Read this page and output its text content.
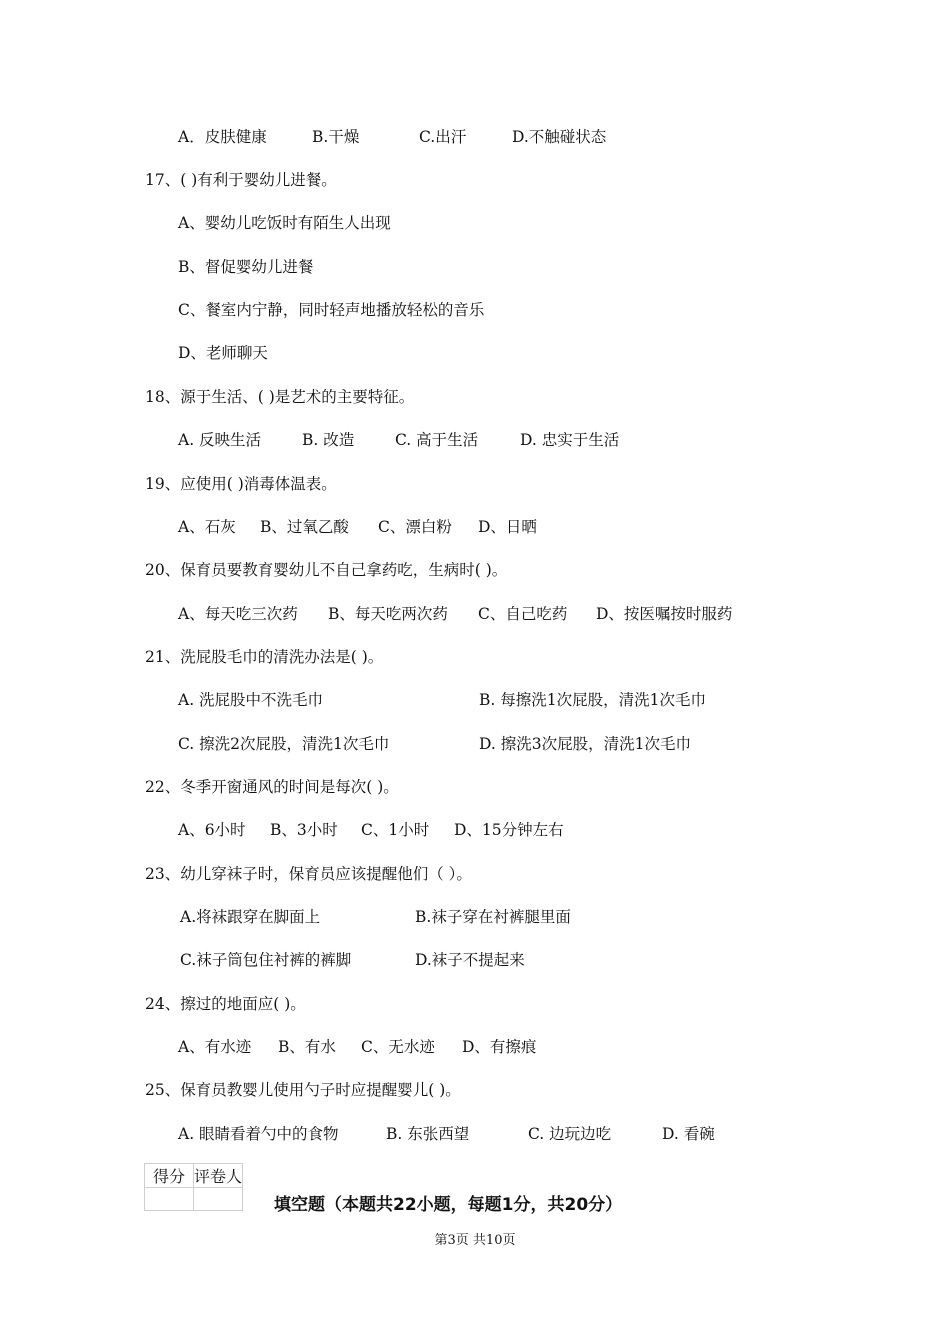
A．皮肤健康	B.干燥	C.出汗	D.不触碰状态
17、( )有利于婴幼儿进餐。
A、婴幼儿吃饭时有陌生人出现
B、督促婴幼儿进餐
C、餐室内宁静，同时轻声地播放轻松的音乐
D、老师聊天
18、源于生活、( )是艺术的主要特征。
A. 反映生活	B. 改造	C. 高于生活	D. 忠实于生活
19、应使用( )消毒体温表。
A、石灰 B、过氧乙酸 C、漂白粉 D、日晒
20、保育员要教育婴幼儿不自己拿药吃，生病时( )。
A、每天吃三次药 B、每天吃两次药 C、自己吃药 D、按医嘱按时服药
21、洗屁股毛巾的清洗办法是( )。
A. 洗屁股中不洗毛巾	B. 每擦洗1次屁股，清洗1次毛巾
C. 擦洗2次屁股，清洗1次毛巾	D. 擦洗3次屁股，清洗1次毛巾
22、冬季开窗通风的时间是每次( )。
A、6小时 B、3小时 C、1小时 D、15分钟左右
23、幼儿穿袜子时，保育员应该提醒他们（ ）。
A.将袜跟穿在脚面上	B.袜子穿在衬裤腿里面
C.袜子筒包住衬裤的裤脚	D.袜子不提起来
24、擦过的地面应( )。
A、有水迹 B、有水 C、无水迹 D、有擦痕
25、保育员教婴儿使用勺子时应提醒婴儿( )。
A. 眼睛看着勺中的食物	B. 东张西望	C. 边玩边吃	D. 看碗
得分	评卷人

填空题（本题共22小题，每题1分，共20分）
第3页 共10页
